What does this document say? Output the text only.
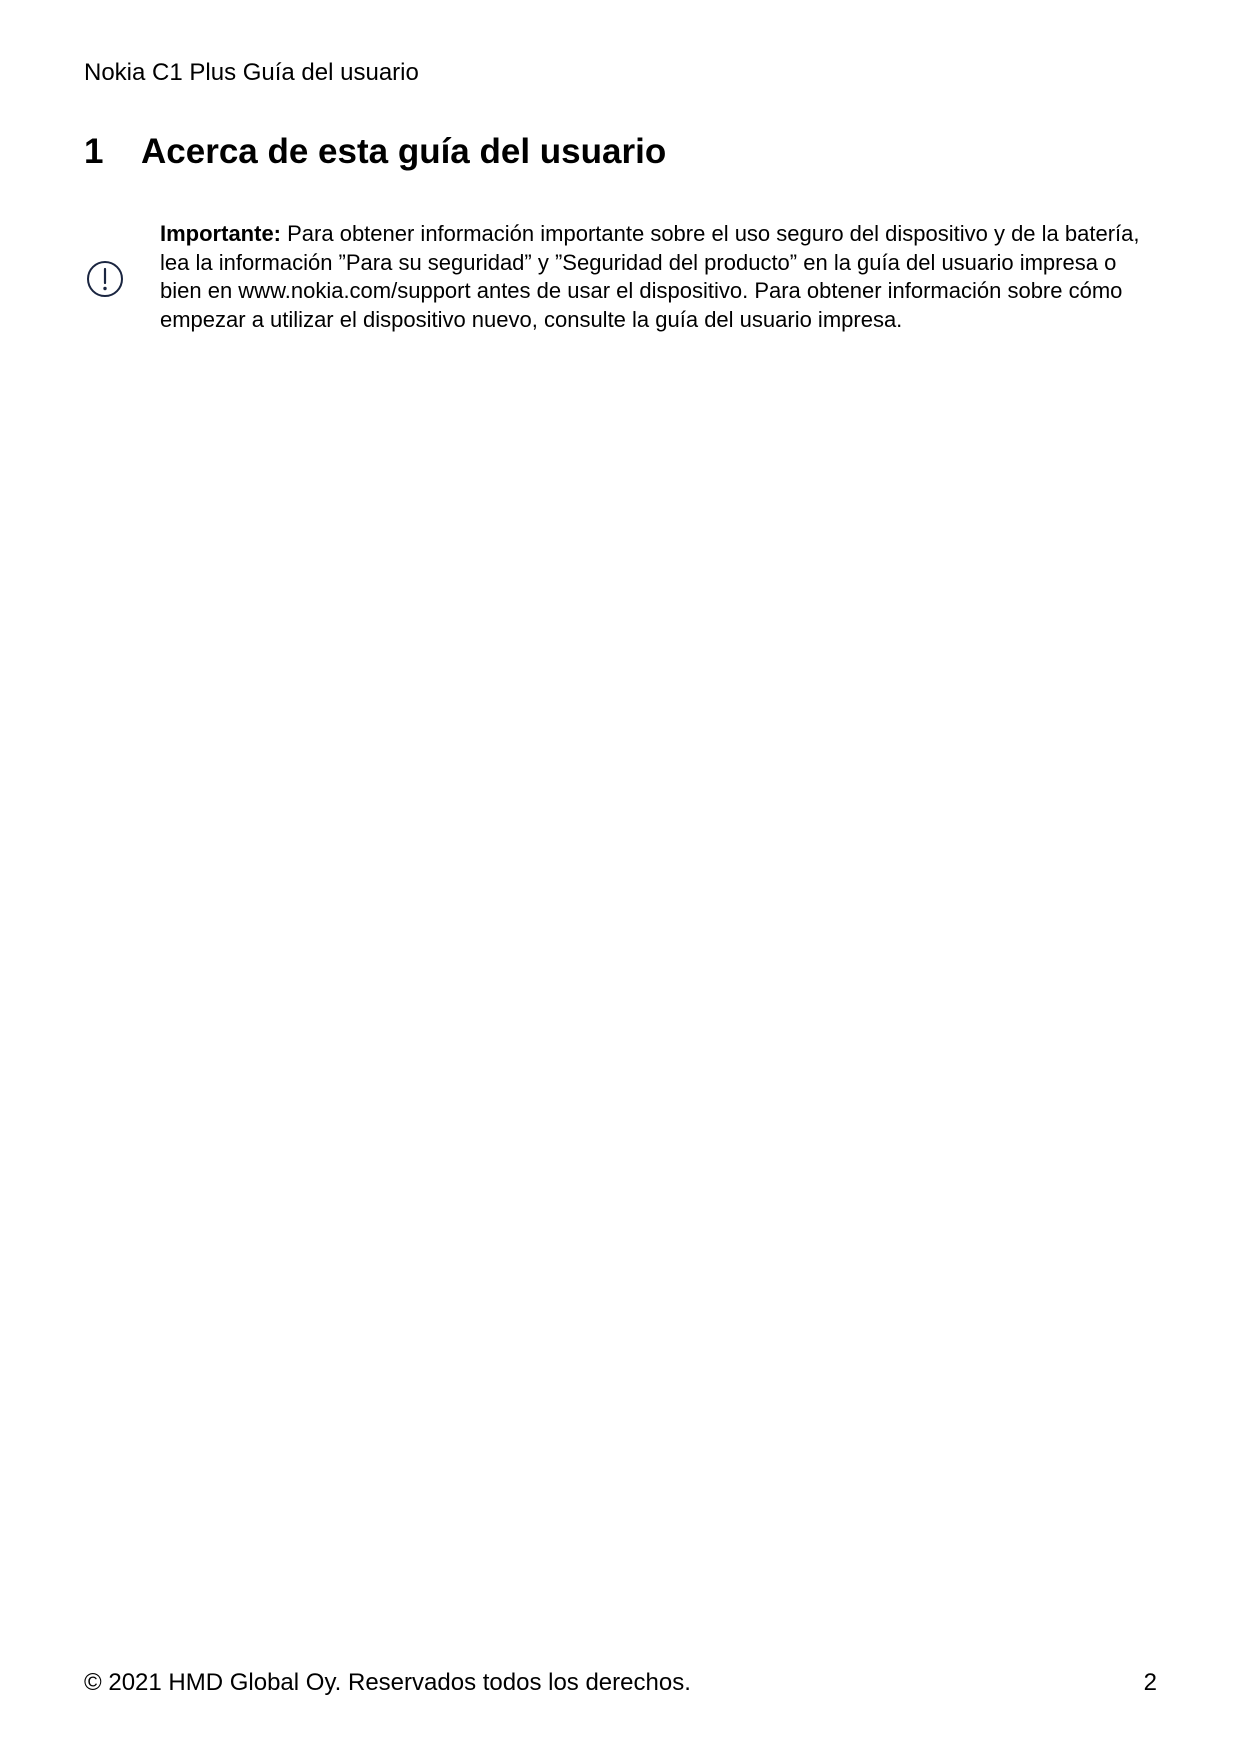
Nokia C1 Plus Guía del usuario
1	Acerca de esta guía del usuario
Importante: Para obtener información importante sobre el uso seguro del dispositivo y de la batería, lea la información ”Para su seguridad” y ”Seguridad del producto” en la guía del usuario impresa o bien en www.nokia.com/support antes de usar el dispositivo. Para obtener información sobre cómo empezar a utilizar el dispositivo nuevo, consulte la guía del usuario impresa.
© 2021 HMD Global Oy. Reservados todos los derechos.	2
